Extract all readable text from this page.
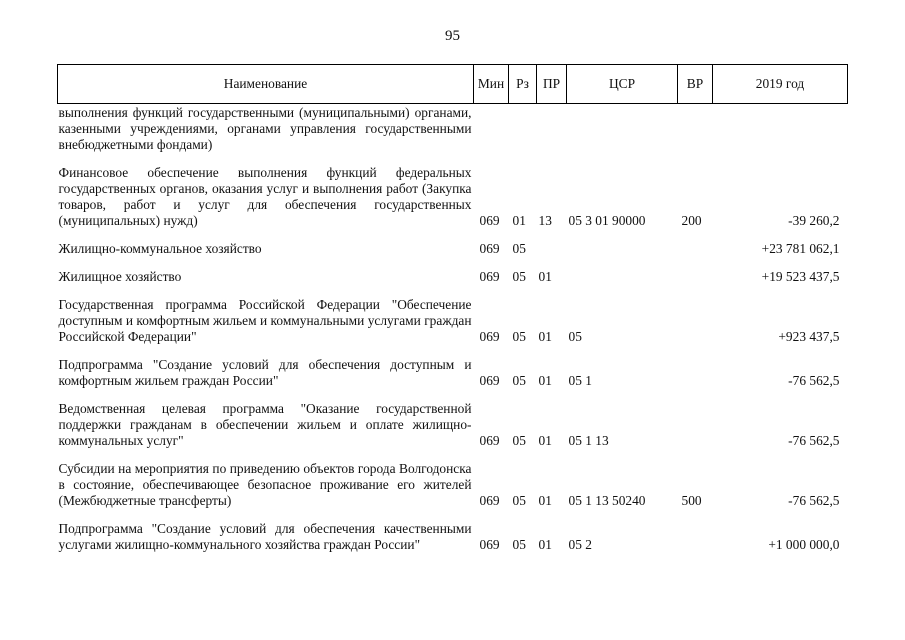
95
Наименование	Мин	Рз	ПР	ЦСР	ВР	2019 год
выполнения функций государственными (муниципальными) органами, казенными учреждениями, органами управления государственными внебюджетными фондами)						
Финансовое обеспечение выполнения функций федеральных государственных органов, оказания услуг и выполнения работ (Закупка товаров, работ и услуг для обеспечения государственных (муниципальных) нужд)	069	01	13	05 3 01 90000	200	-39 260,2
Жилищно-коммунальное хозяйство	069	05				+23 781 062,1
Жилищное хозяйство	069	05	01			+19 523 437,5
Государственная программа Российской Федерации "Обеспечение доступным и комфортным жильем и коммунальными услугами граждан Российской Федерации"	069	05	01	05		+923 437,5
Подпрограмма "Создание условий для обеспечения доступным и комфортным жильем граждан России"	069	05	01	05 1		-76 562,5
Ведомственная целевая программа "Оказание государственной поддержки гражданам в обеспечении жильем и оплате жилищно-коммунальных услуг"	069	05	01	05 1 13		-76 562,5
Субсидии на мероприятия по приведению объектов города Волгодонска в состояние, обеспечивающее безопасное проживание его жителей (Межбюджетные трансферты)	069	05	01	05 1 13 50240	500	-76 562,5
Подпрограмма "Создание условий для обеспечения качественными услугами жилищно-коммунального хозяйства граждан России"	069	05	01	05 2		+1 000 000,0
